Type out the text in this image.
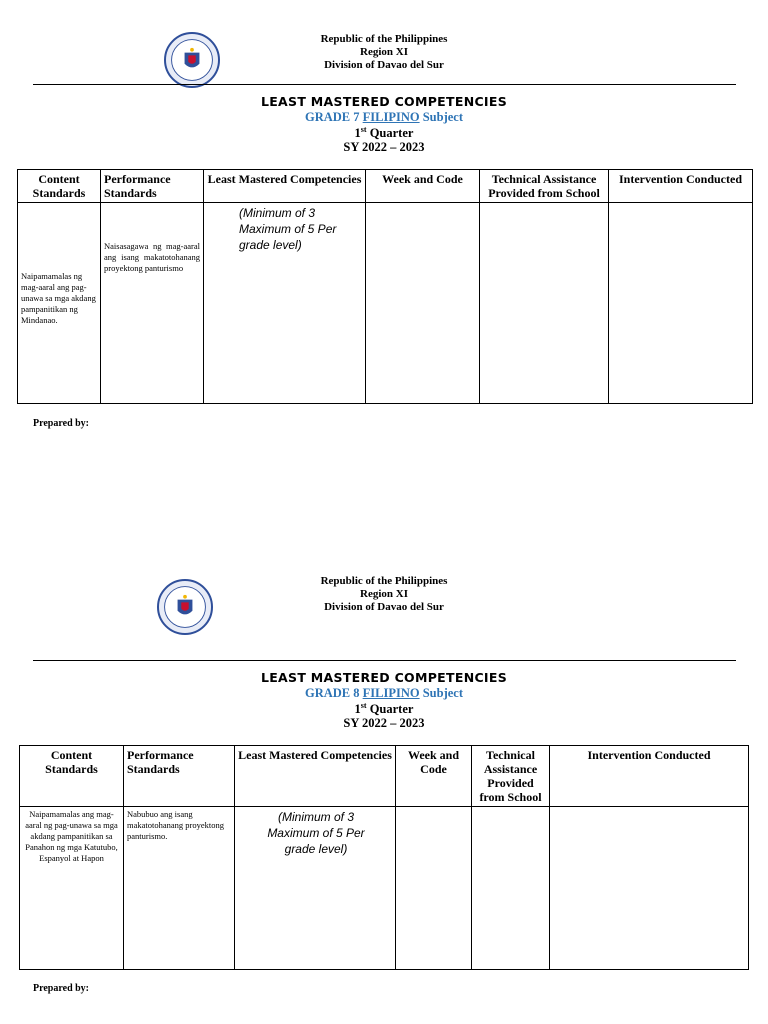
Republic of the Philippines
Region XI
Division of Davao del Sur
LEAST MASTERED COMPETENCIES
GRADE 7 FILIPINO Subject
1st Quarter
SY 2022 – 2023
Content Standards	Performance Standards	Least Mastered Competencies	Week and Code	Technical Assistance Provided from School	Intervention Conducted

Naipamamalas ng mag-aaral ang pag-unawa sa mga akdang pampanitikan ng Mindanao.	Naisasagawa ng mag-aaral ang isang makatotohanang proyektong panturismo	(Minimum of 3 Maximum of 5 Per grade level)			

Prepared by:
Republic of the Philippines
Region XI
Division of Davao del Sur
LEAST MASTERED COMPETENCIES
GRADE 8 FILIPINO Subject
1st Quarter
SY 2022 – 2023
Content Standards	Performance Standards	Least Mastered Competencies	Week and Code	Technical Assistance Provided from School	Intervention Conducted

Naipamamalas ang mag-aaral ng pag-unawa sa mga akdang pampanitikan sa Panahon ng mga Katutubo, Espanyol at Hapon	Nabubuo ang isang makatotohanang proyektong panturismo.	(Minimum of 3 Maximum of 5 Per grade level)			

Prepared by:
